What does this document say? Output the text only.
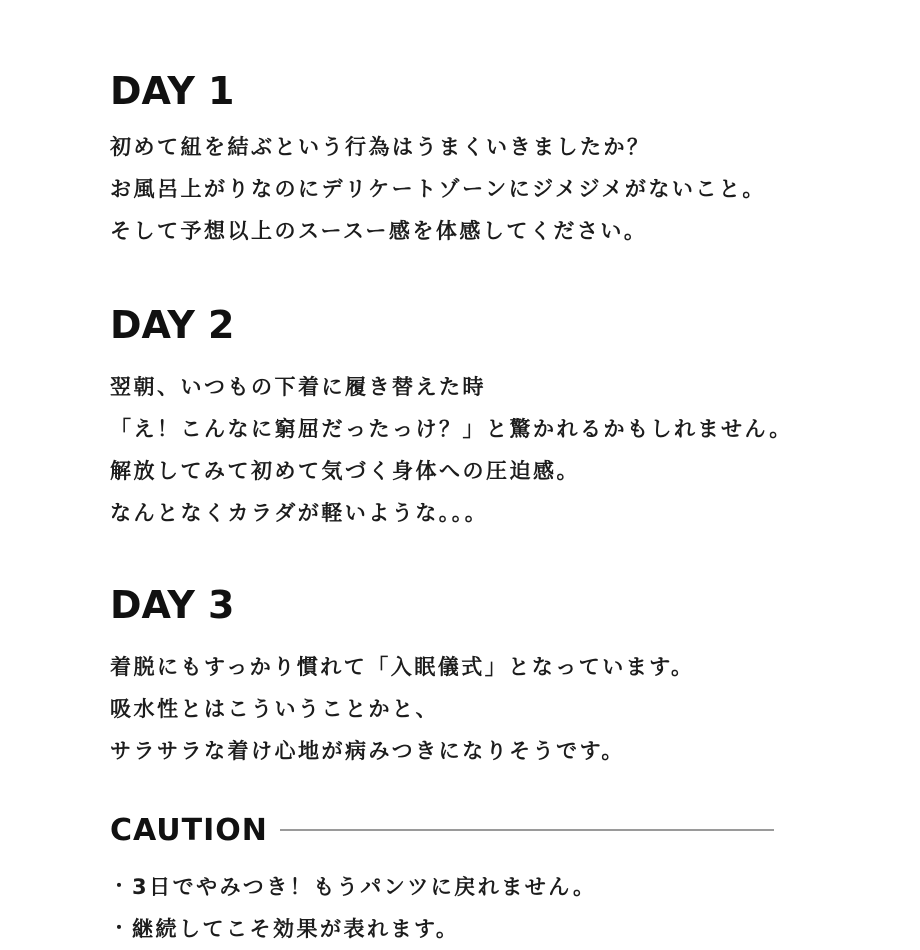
DAY 1
初めて紐を結ぶという行為はうまくいきましたか？
お風呂上がりなのにデリケートゾーンにジメジメがないこと。
そして予想以上のスースー感を体感してください。
DAY 2
翌朝、いつもの下着に履き替えた時
「え！こんなに窮屈だったっけ？」と驚かれるかもしれません。
解放してみて初めて気づく身体への圧迫感。
なんとなくカラダが軽いような。。。
DAY 3
着脱にもすっかり慣れて「入眠儀式」となっています。
吸水性とはこういうことかと、
サラサラな着け心地が病みつきになりそうです。
CAUTION
・ 3日でやみつき！もうパンツに戻れません。
・ 継続してこそ効果が表れます。
